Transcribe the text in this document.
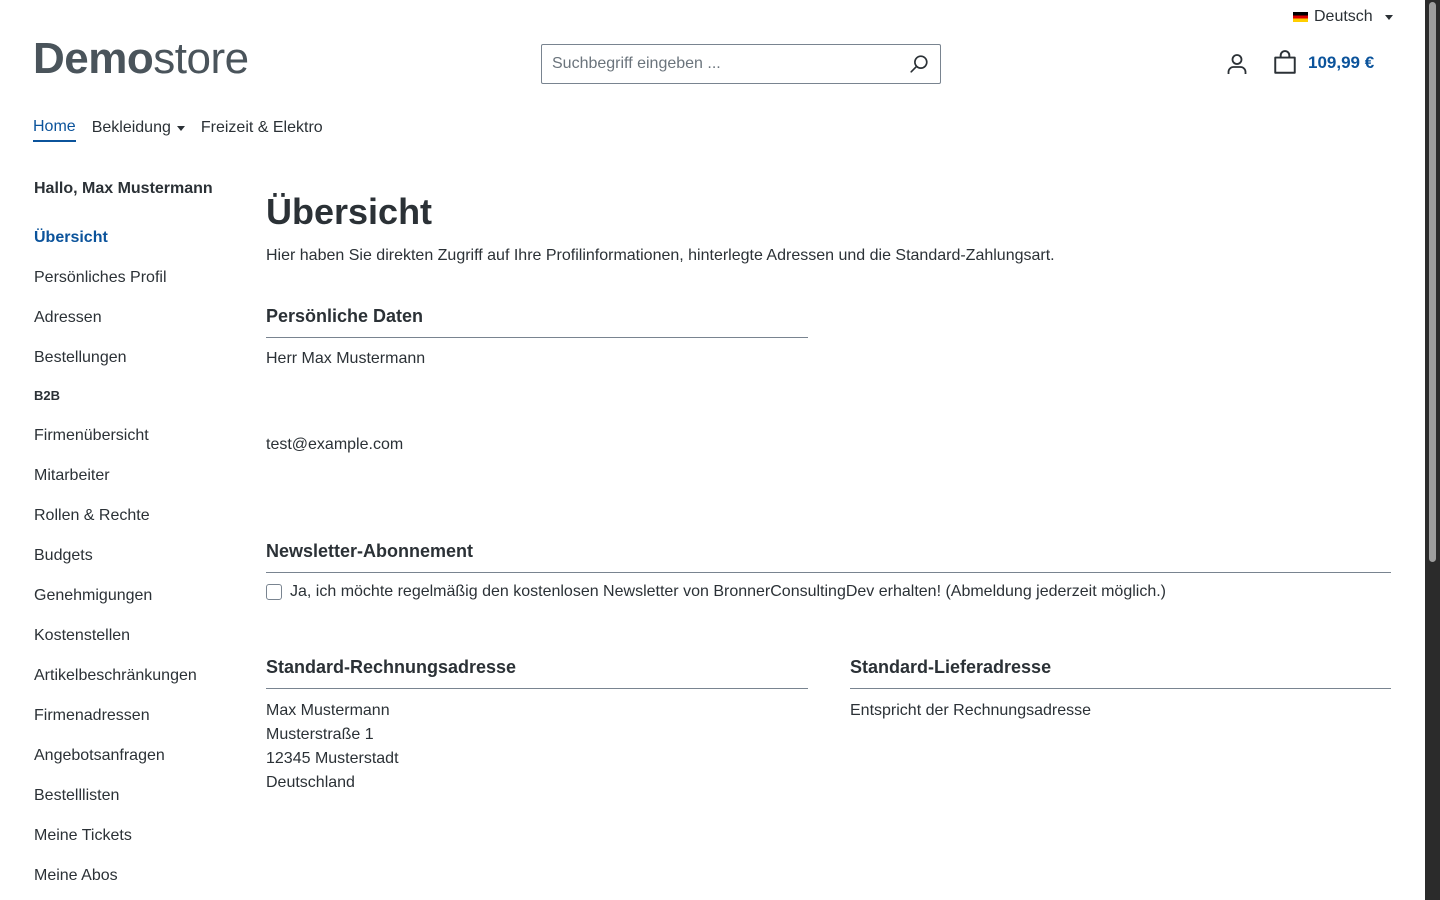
Deutsch
Demostore
Suchbegriff eingeben ...	109,99 €
Home Bekleidung Freizeit & Elektro
Hallo, Max Mustermann
Übersicht
Persönliches Profil
Adressen
Bestellungen
B2B
Firmenübersicht
Mitarbeiter
Rollen & Rechte
Budgets
Genehmigungen
Kostenstellen
Artikelbeschränkungen
Firmenadressen
Angebotsanfragen
Bestelllisten
Meine Tickets
Meine Abos
Übersicht

Hier haben Sie direkten Zugriff auf Ihre Profilinformationen, hinterlegte Adressen und die Standard-Zahlungsart.

Persönliche Daten
Herr Max Mustermann
test@example.com
Newsletter-Abonnement
Ja, ich möchte regelmäßig den kostenlosen Newsletter von BronnerConsultingDev erhalten! (Abmeldung jederzeit möglich.)
Standard-Rechnungsadresse
Max Mustermann
Musterstraße 1
12345 Musterstadt
Deutschland
Standard-Lieferadresse
Entspricht der Rechnungsadresse
